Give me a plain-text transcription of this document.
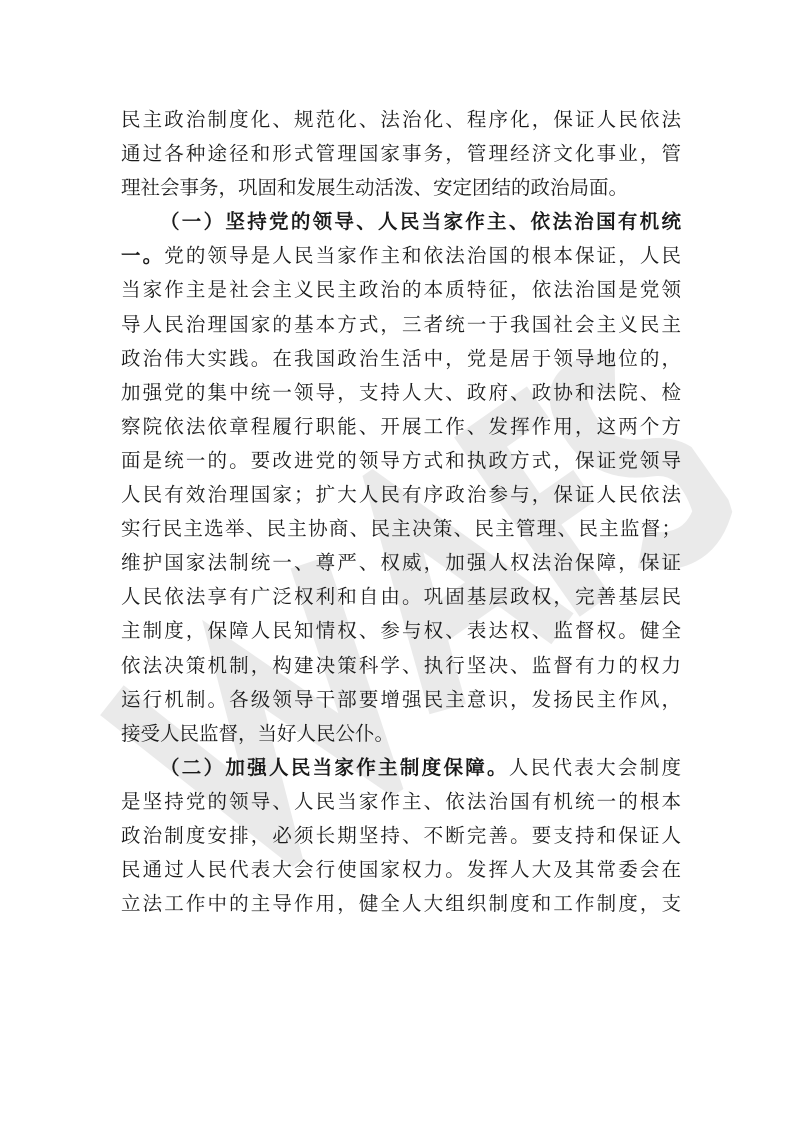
民主政治制度化、规范化、法治化、程序化，保证人民依法
通过各种途径和形式管理国家事务，管理经济文化事业，管
理社会事务，巩固和发展生动活泼、安定团结的政治局面。
（一）坚持党的领导、人民当家作主、依法治国有机统
一。党的领导是人民当家作主和依法治国的根本保证，人民
当家作主是社会主义民主政治的本质特征，依法治国是党领
导人民治理国家的基本方式，三者统一于我国社会主义民主
政治伟大实践。在我国政治生活中，党是居于领导地位的，
加强党的集中统一领导，支持人大、政府、政协和法院、检
察院依法依章程履行职能、开展工作、发挥作用，这两个方
面是统一的。要改进党的领导方式和执政方式，保证党领导
人民有效治理国家；扩大人民有序政治参与，保证人民依法
实行民主选举、民主协商、民主决策、民主管理、民主监督；
维护国家法制统一、尊严、权威，加强人权法治保障，保证
人民依法享有广泛权利和自由。巩固基层政权，完善基层民
主制度，保障人民知情权、参与权、表达权、监督权。健全
依法决策机制，构建决策科学、执行坚决、监督有力的权力
运行机制。各级领导干部要增强民主意识，发扬民主作风，
接受人民监督，当好人民公仆。
（二）加强人民当家作主制度保障。人民代表大会制度
是坚持党的领导、人民当家作主、依法治国有机统一的根本
政治制度安排，必须长期坚持、不断完善。要支持和保证人
民通过人民代表大会行使国家权力。发挥人大及其常委会在
立法工作中的主导作用，健全人大组织制度和工作制度，支
